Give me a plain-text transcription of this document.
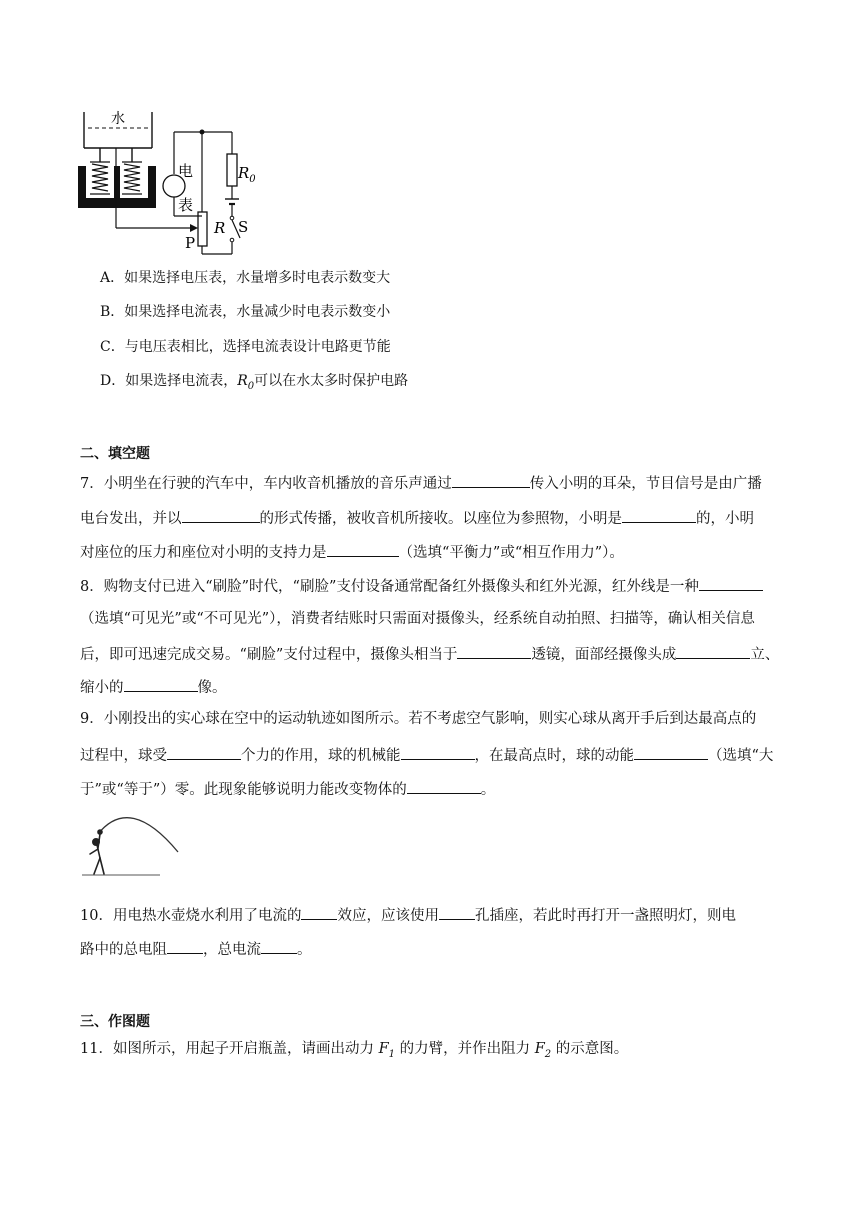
水
电
表
$R_0$
R S
P
A．如果选择电压表，水量增多时电表示数变大
B．如果选择电流表，水量减少时电表示数变小
C．与电压表相比，选择电流表设计电路更节能
D．如果选择电流表，$R_0$可以在水太多时保护电路
二、填空题
7．小明坐在行驶的汽车中，车内收音机播放的音乐声通过	传入小明的耳朵，节目信号是由广播
电台发出，并以	的形式传播，被收音机所接收。以座位为参照物，小明是	的，小明
对座位的压力和座位对小明的支持力是	（选填“平衡力”或“相互作用力”）。
8．购物支付已进入“刷脸”时代，“刷脸”支付设备通常配备红外摄像头和红外光源，红外线是一种
（选填“可见光”或“不可见光”），消费者结账时只需面对摄像头，经系统自动拍照、扫描等，确认相关信息
后，即可迅速完成交易。“刷脸”支付过程中，摄像头相当于	透镜，面部经摄像头成	立、
缩小的	像。
9．小刚投出的实心球在空中的运动轨迹如图所示。若不考虑空气影响，则实心球从离开手后到达最高点的
过程中，球受	个力的作用，球的机械能	，在最高点时，球的动能	（选填“大
于”或“等于”）零。此现象能够说明力能改变物体的	。
10．用电热水壶烧水利用了电流的 效应，应该使用 孔插座，若此时再打开一盏照明灯，则电
路中的总电阻 ，总电流 。
三、作图题
11．如图所示，用起子开启瓶盖，请画出动力 $F_1$ 的力臂，并作出阻力 $F_2$ 的示意图。
